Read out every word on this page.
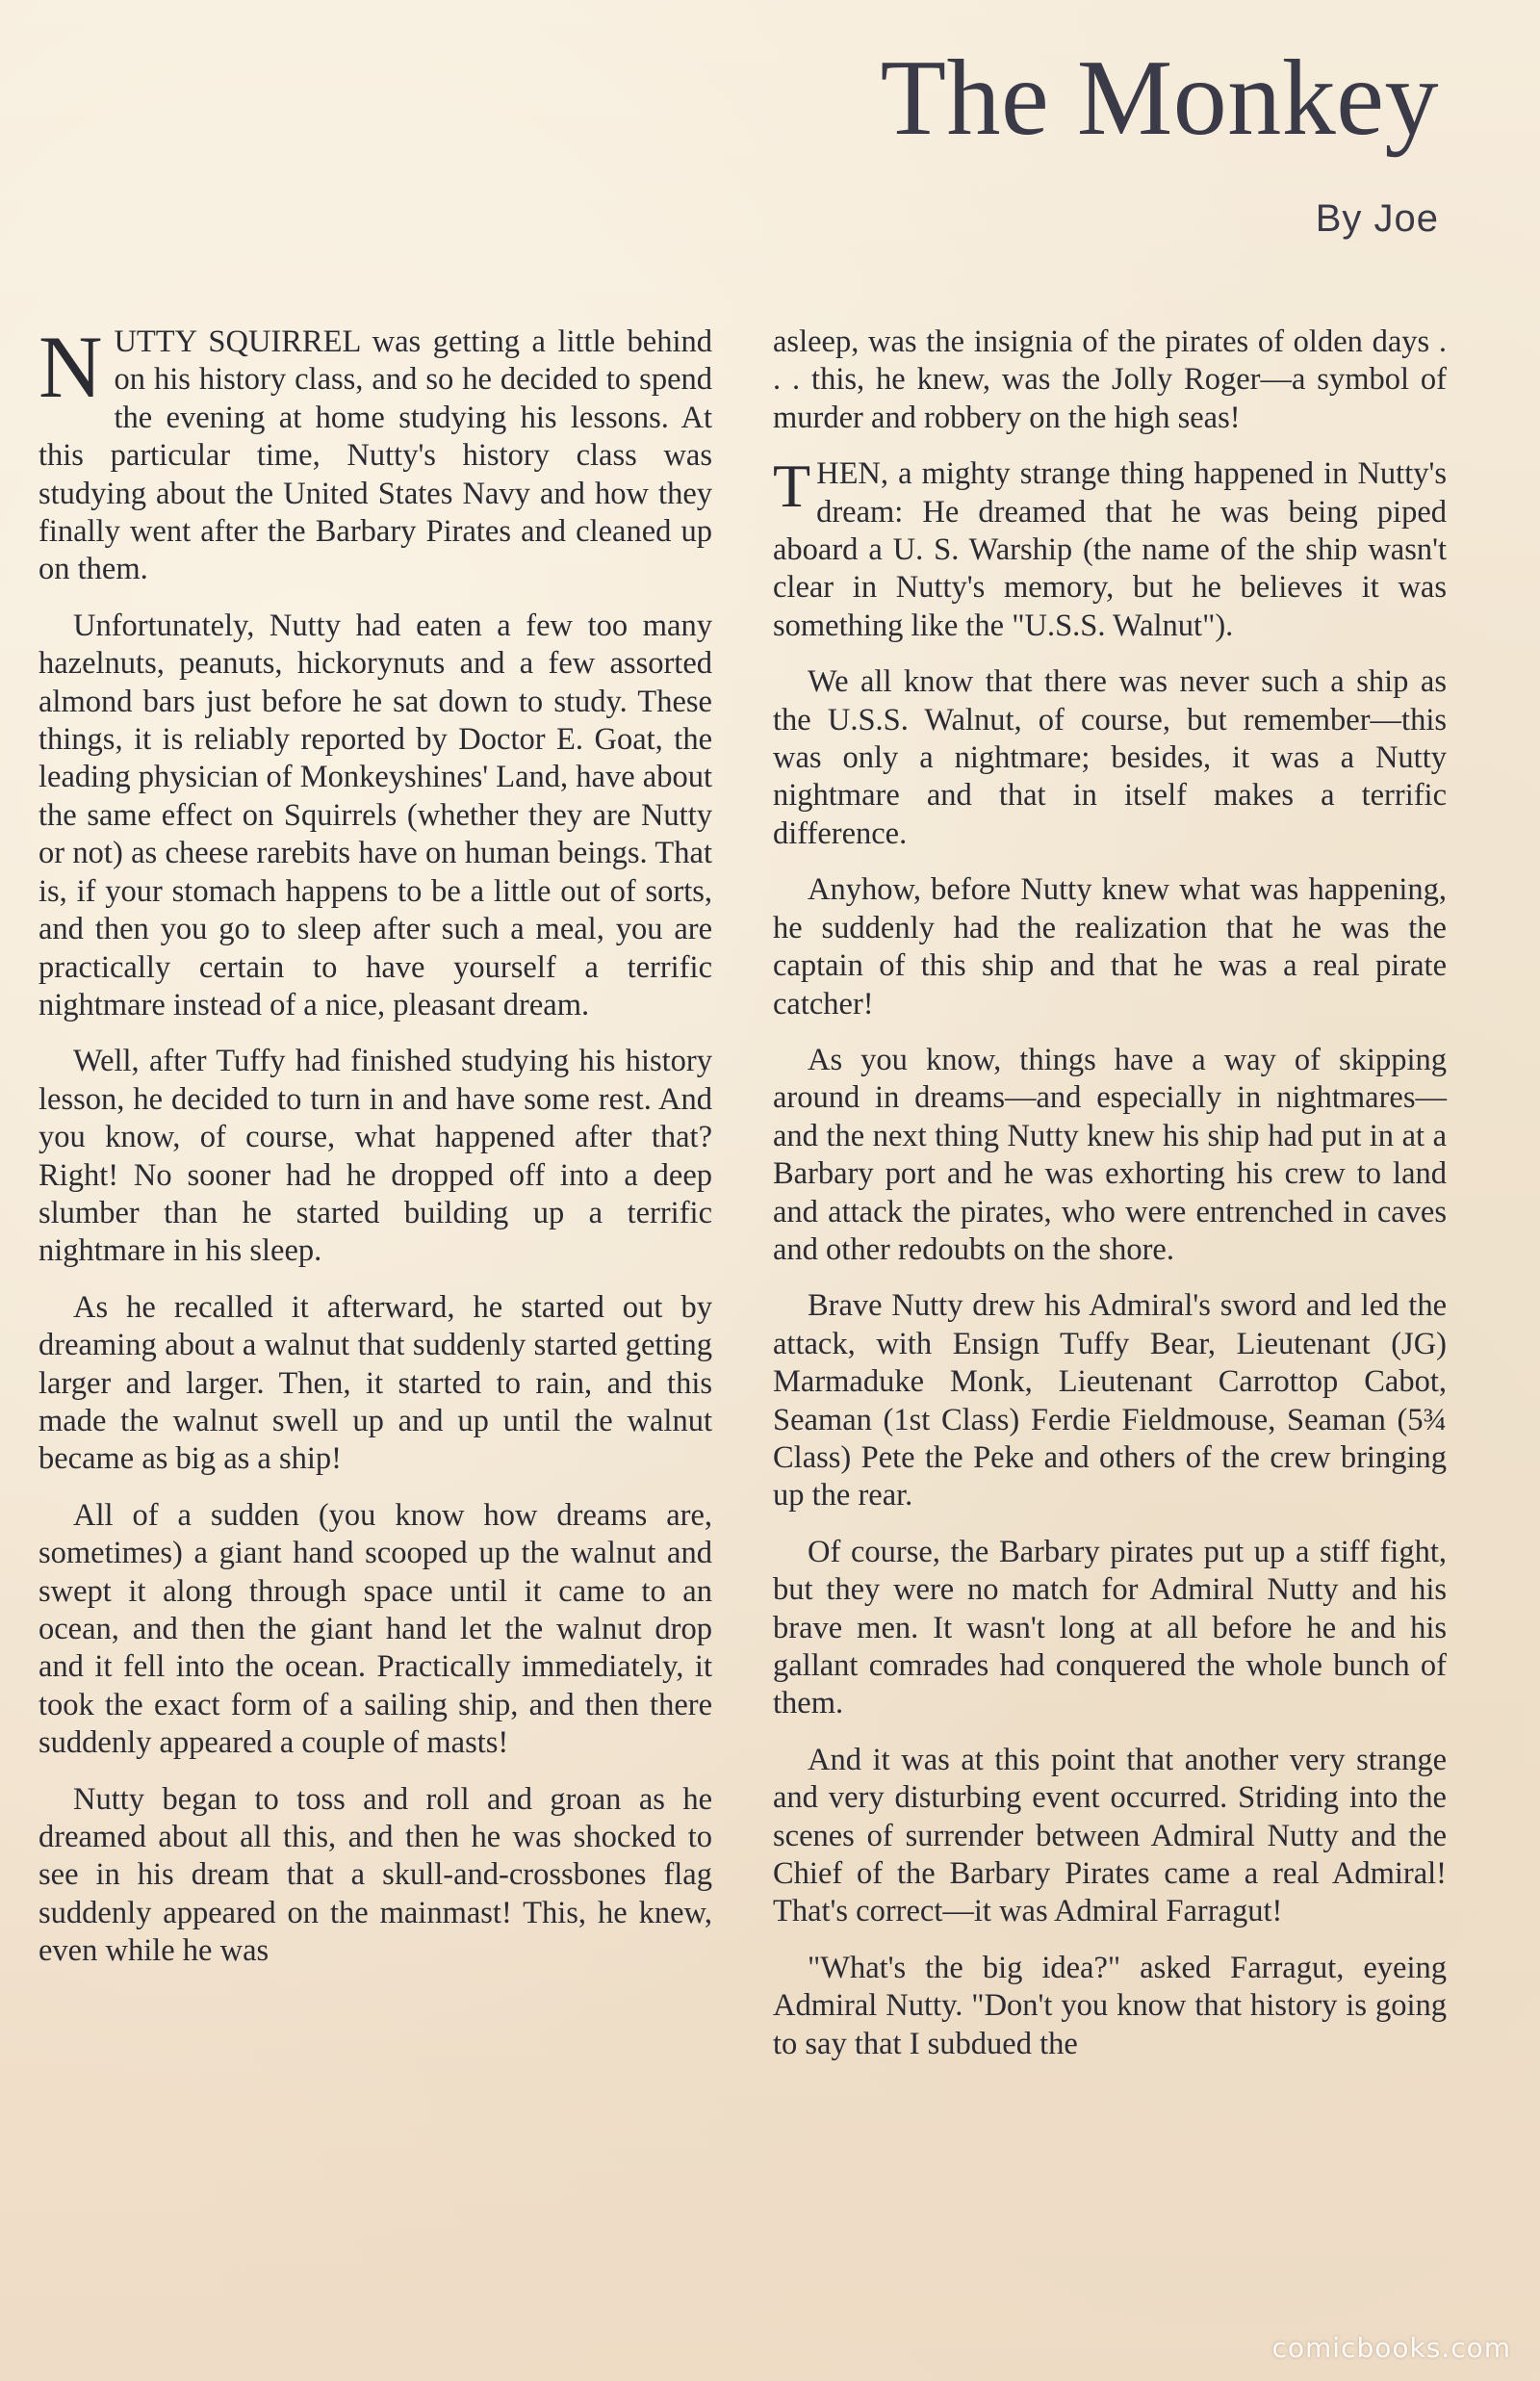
The Monkey
By Joe

NUTTY SQUIRREL was getting a little behind on his history class, and so he decided to spend the evening at home studying his lessons. At this particular time, Nutty's history class was studying about the United States Navy and how they finally went after the Barbary Pirates and cleaned up on them.

Unfortunately, Nutty had eaten a few too many hazelnuts, peanuts, hickorynuts and a few assorted almond bars just before he sat down to study. These things, it is reliably reported by Doctor E. Goat, the leading physician of Monkeyshines' Land, have about the same effect on Squirrels (whether they are Nutty or not) as cheese rarebits have on human beings. That is, if your stomach happens to be a little out of sorts, and then you go to sleep after such a meal, you are practically certain to have yourself a terrific nightmare instead of a nice, pleasant dream.

Well, after Tuffy had finished studying his history lesson, he decided to turn in and have some rest. And you know, of course, what happened after that? Right! No sooner had he dropped off into a deep slumber than he started building up a terrific nightmare in his sleep.

As he recalled it afterward, he started out by dreaming about a walnut that suddenly started getting larger and larger. Then, it started to rain, and this made the walnut swell up and up until the walnut became as big as a ship!

All of a sudden (you know how dreams are, sometimes) a giant hand scooped up the walnut and swept it along through space until it came to an ocean, and then the giant hand let the walnut drop and it fell into the ocean. Practically immediately, it took the exact form of a sailing ship, and then there suddenly appeared a couple of masts!

Nutty began to toss and roll and groan as he dreamed about all this, and then he was shocked to see in his dream that a skull-and-crossbones flag suddenly appeared on the mainmast! This, he knew, even while he was

asleep, was the insignia of the pirates of olden days . . . this, he knew, was the Jolly Roger—a symbol of murder and robbery on the high seas!

THEN, a mighty strange thing happened in Nutty's dream: He dreamed that he was being piped aboard a U. S. Warship (the name of the ship wasn't clear in Nutty's memory, but he believes it was something like the "U.S.S. Walnut").

We all know that there was never such a ship as the U.S.S. Walnut, of course, but remember—this was only a nightmare; besides, it was a Nutty nightmare and that in itself makes a terrific difference.

Anyhow, before Nutty knew what was happening, he suddenly had the realization that he was the captain of this ship and that he was a real pirate catcher!

As you know, things have a way of skipping around in dreams—and especially in nightmares—and the next thing Nutty knew his ship had put in at a Barbary port and he was exhorting his crew to land and attack the pirates, who were entrenched in caves and other redoubts on the shore.

Brave Nutty drew his Admiral's sword and led the attack, with Ensign Tuffy Bear, Lieutenant (JG) Marmaduke Monk, Lieutenant Carrottop Cabot, Seaman (1st Class) Ferdie Fieldmouse, Seaman (5¾ Class) Pete the Peke and others of the crew bringing up the rear.

Of course, the Barbary pirates put up a stiff fight, but they were no match for Admiral Nutty and his brave men. It wasn't long at all before he and his gallant comrades had conquered the whole bunch of them.

And it was at this point that another very strange and very disturbing event occurred. Striding into the scenes of surrender between Admiral Nutty and the Chief of the Barbary Pirates came a real Admiral! That's correct—it was Admiral Farragut!

"What's the big idea?" asked Farragut, eyeing Admiral Nutty. "Don't you know that history is going to say that I subdued the

comicbooks.com
